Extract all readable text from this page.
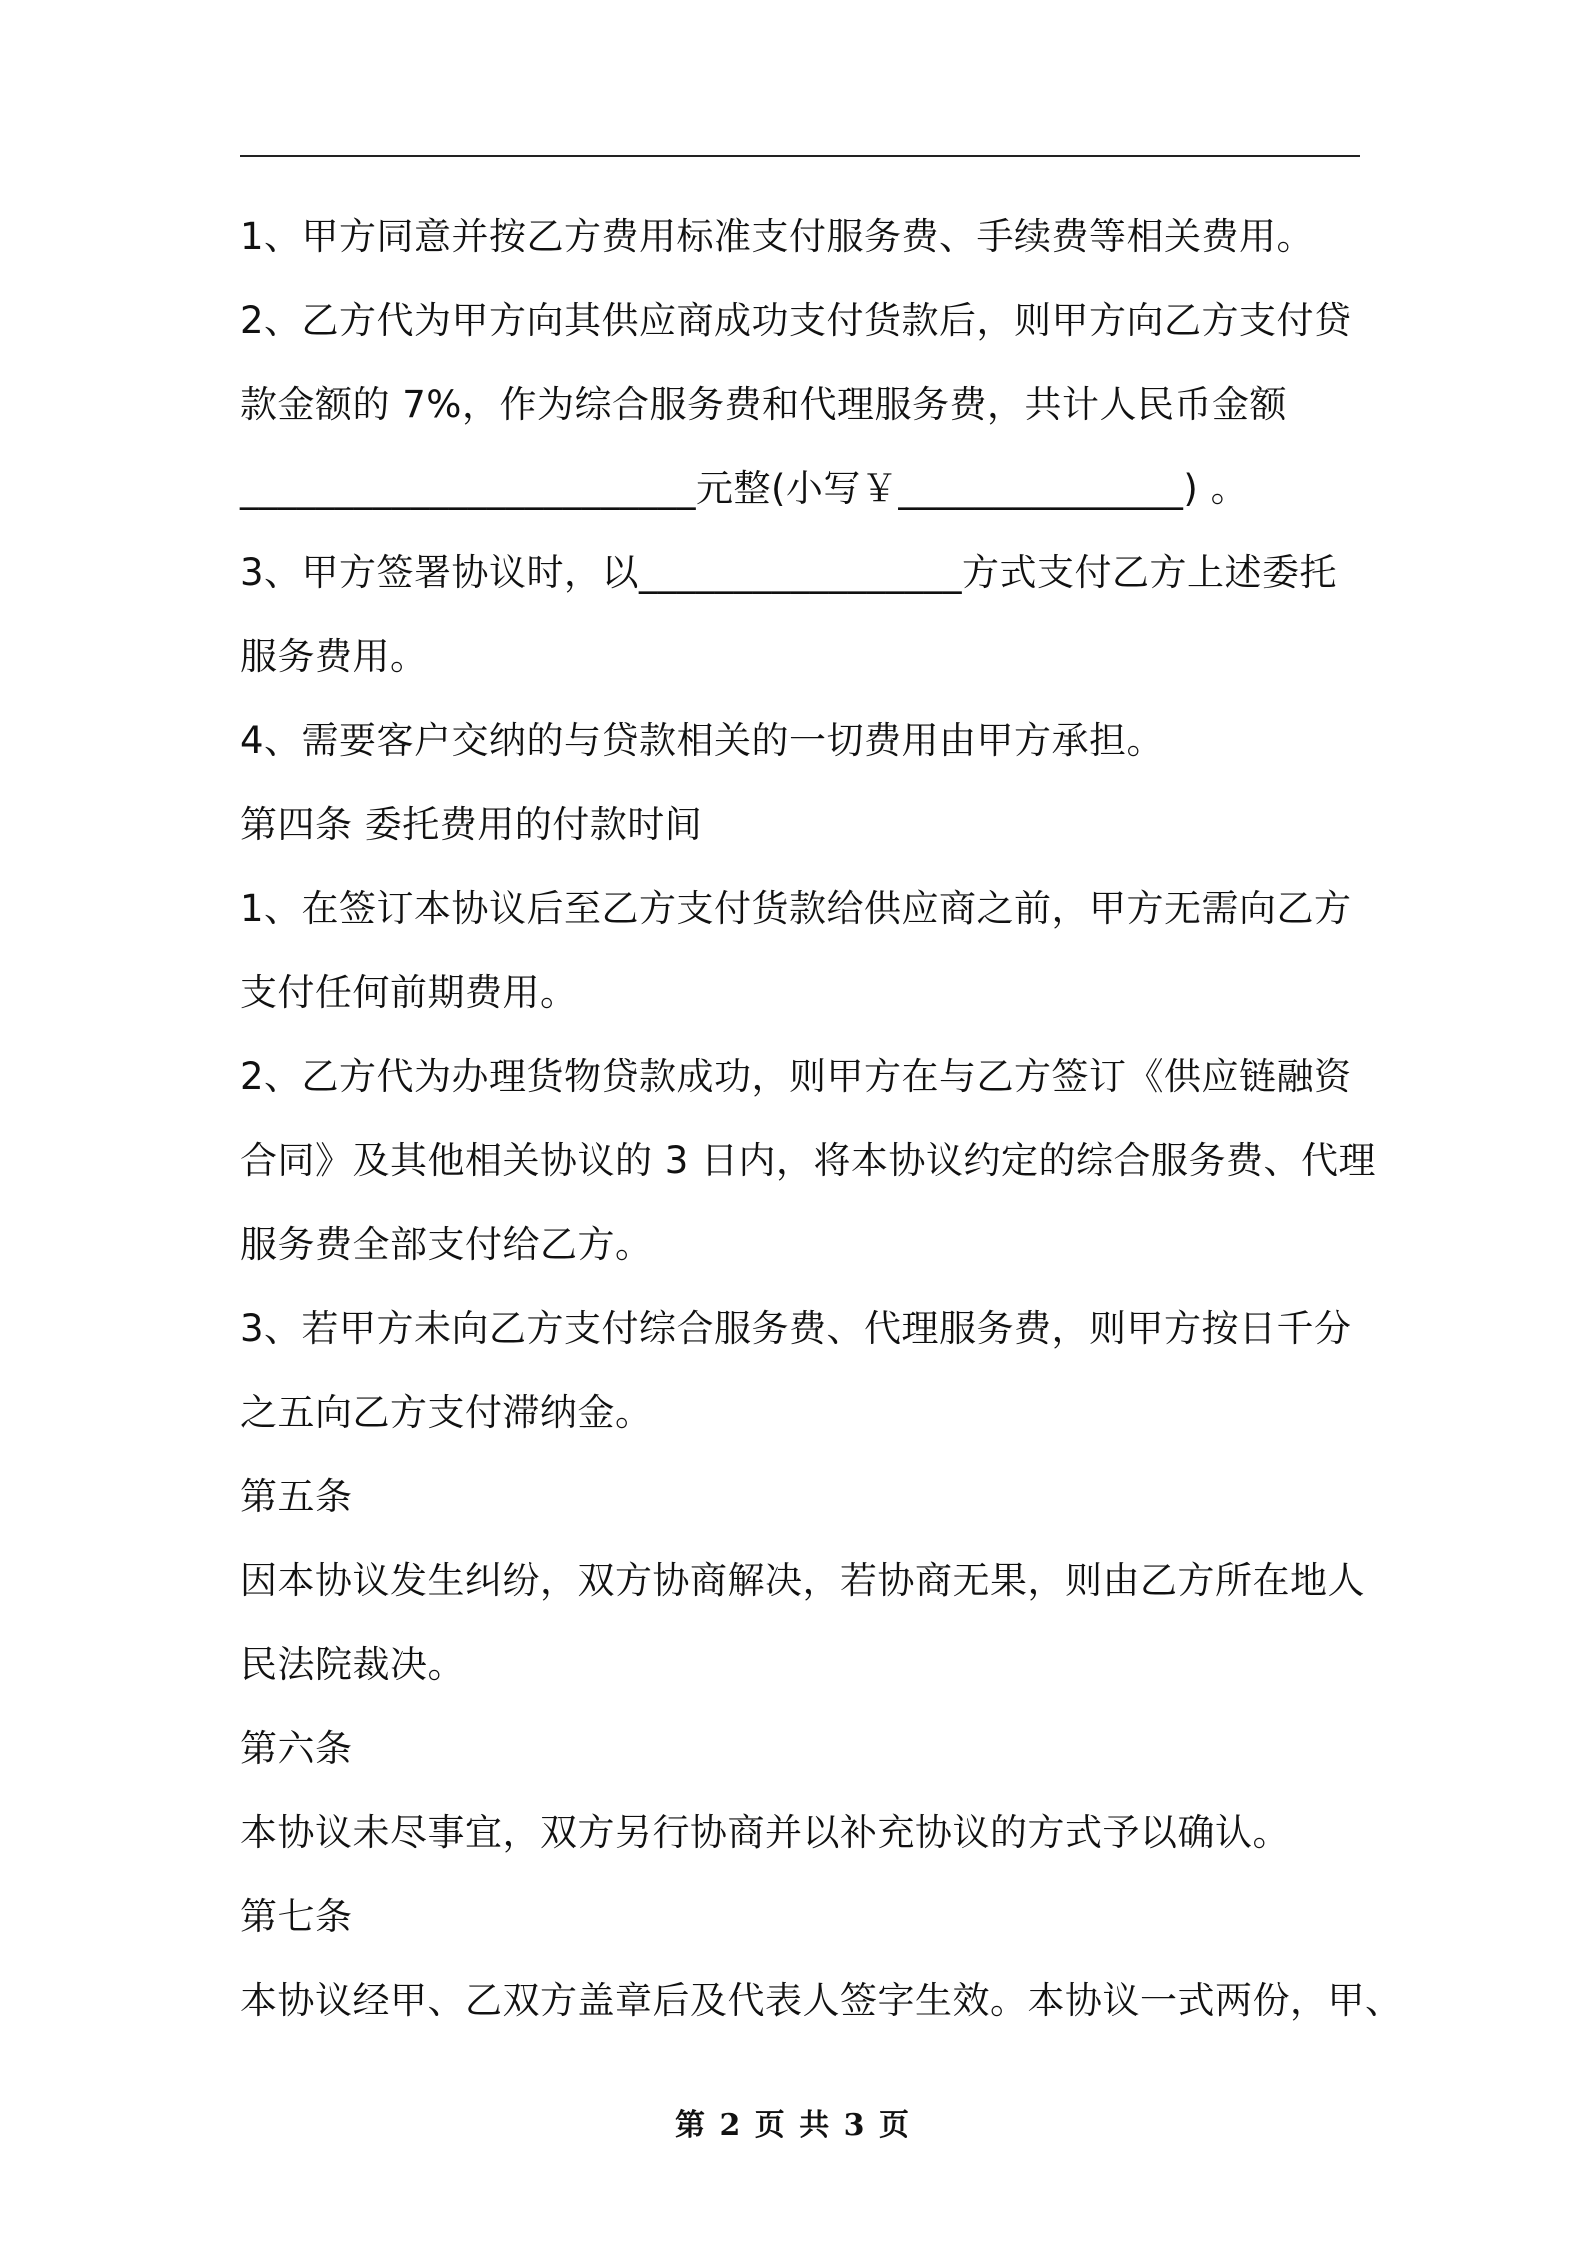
1、甲方同意并按乙方费用标准支付服务费、手续费等相关费用。

2、乙方代为甲方向其供应商成功支付货款后，则甲方向乙方支付贷

款金额的 7%，作为综合服务费和代理服务费，共计人民币金额

________________________元整(小写￥_______________) 。

3、甲方签署协议时，以_________________方式支付乙方上述委托

服务费用。

4、需要客户交纳的与贷款相关的一切费用由甲方承担。

第四条 委托费用的付款时间

1、在签订本协议后至乙方支付货款给供应商之前，甲方无需向乙方

支付任何前期费用。

2、乙方代为办理货物贷款成功，则甲方在与乙方签订《供应链融资

合同》及其他相关协议的 3 日内，将本协议约定的综合服务费、代理

服务费全部支付给乙方。

3、若甲方未向乙方支付综合服务费、代理服务费，则甲方按日千分

之五向乙方支付滞纳金。

第五条

因本协议发生纠纷，双方协商解决，若协商无果，则由乙方所在地人

民法院裁决。

第六条

本协议未尽事宜，双方另行协商并以补充协议的方式予以确认。

第七条

本协议经甲、乙双方盖章后及代表人签字生效。本协议一式两份，甲、

第 2 页 共 3 页
